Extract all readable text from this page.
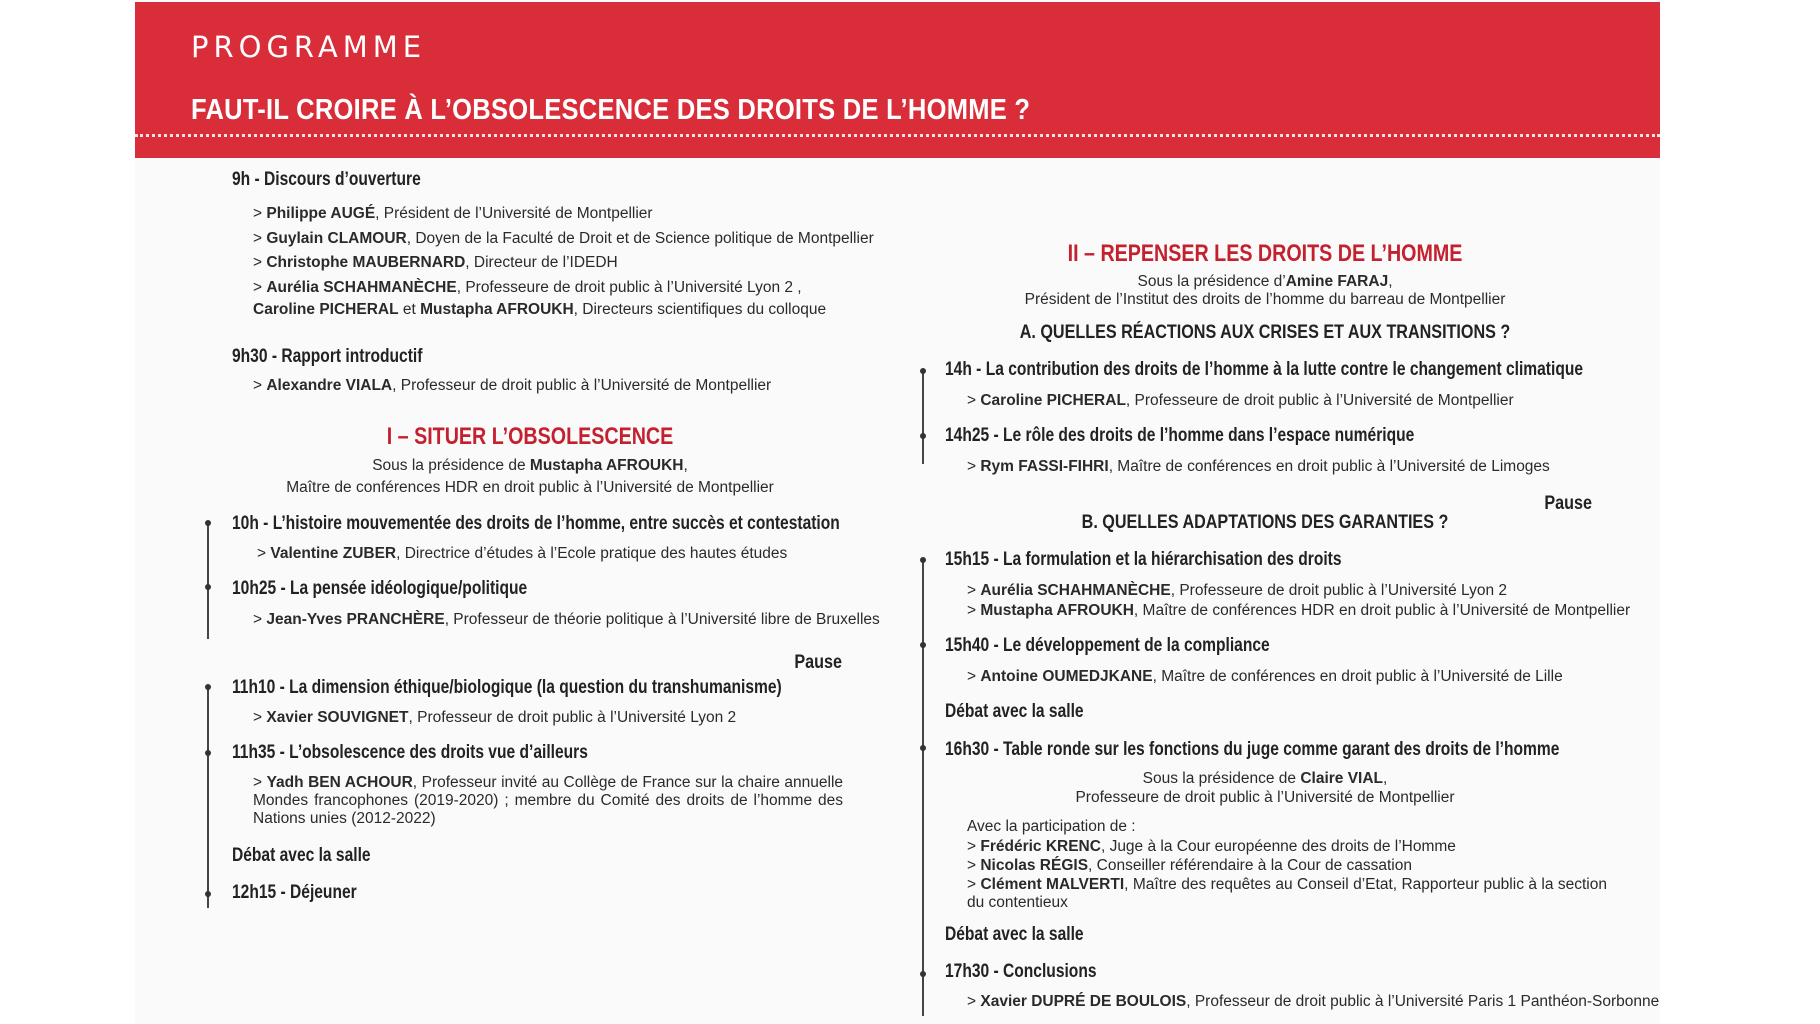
PROGRAMME
FAUT-IL CROIRE À L’OBSOLESCENCE DES DROITS DE L’HOMME ?
9h - Discours d’ouverture
> Philippe AUGÉ, Président de l’Université de Montpellier
> Guylain CLAMOUR, Doyen de la Faculté de Droit et de Science politique de Montpellier
> Christophe MAUBERNARD, Directeur de l’IDEDH
> Aurélia SCHAHMANÈCHE, Professeure de droit public à l’Université Lyon 2 ,
Caroline PICHERAL et Mustapha AFROUKH, Directeurs scientifiques du colloque
9h30 - Rapport introductif
> Alexandre VIALA, Professeur de droit public à l’Université de Montpellier
I – SITUER L’OBSOLESCENCE
Sous la présidence de Mustapha AFROUKH,
Maître de conférences HDR en droit public à l’Université de Montpellier
10h - L’histoire mouvementée des droits de l’homme, entre succès et contestation
> Valentine ZUBER, Directrice d’études à l’Ecole pratique des hautes études
10h25 - La pensée idéologique/politique
> Jean-Yves PRANCHÈRE, Professeur de théorie politique à l’Université libre de Bruxelles
Pause
11h10 - La dimension éthique/biologique (la question du transhumanisme)
> Xavier SOUVIGNET, Professeur de droit public à l’Université Lyon 2
11h35 - L’obsolescence des droits vue d’ailleurs
> Yadh BEN ACHOUR, Professeur invité au Collège de France sur la chaire annuelle Mondes francophones (2019-2020) ; membre du Comité des droits de l’homme des Nations unies (2012-2022)
Débat avec la salle
12h15 - Déjeuner
II – REPENSER LES DROITS DE L’HOMME
Sous la présidence d’Amine FARAJ,
Président de l’Institut des droits de l’homme du barreau de Montpellier
A. QUELLES RÉACTIONS AUX CRISES ET AUX TRANSITIONS ?
14h - La contribution des droits de l’homme à la lutte contre le changement climatique
> Caroline PICHERAL, Professeure de droit public à l’Université de Montpellier
14h25 - Le rôle des droits de l’homme dans l’espace numérique
> Rym FASSI-FIHRI, Maître de conférences en droit public à l’Université de Limoges
Pause
B. QUELLES ADAPTATIONS DES GARANTIES ?
15h15 - La formulation et la hiérarchisation des droits
> Aurélia SCHAHMANÈCHE, Professeure de droit public à l’Université Lyon 2
> Mustapha AFROUKH, Maître de conférences HDR en droit public à l’Université de Montpellier
15h40 - Le développement de la compliance
> Antoine OUMEDJKANE, Maître de conférences en droit public à l’Université de Lille
Débat avec la salle
16h30 - Table ronde sur les fonctions du juge comme garant des droits de l’homme
Sous la présidence de Claire VIAL,
Professeure de droit public à l’Université de Montpellier
Avec la participation de :
> Frédéric KRENC, Juge à la Cour européenne des droits de l’Homme
> Nicolas RÉGIS, Conseiller référendaire à la Cour de cassation
> Clément MALVERTI, Maître des requêtes au Conseil d’Etat, Rapporteur public à la section du contentieux
Débat avec la salle
17h30 - Conclusions
> Xavier DUPRÉ DE BOULOIS, Professeur de droit public à l’Université Paris 1 Panthéon-Sorbonne
